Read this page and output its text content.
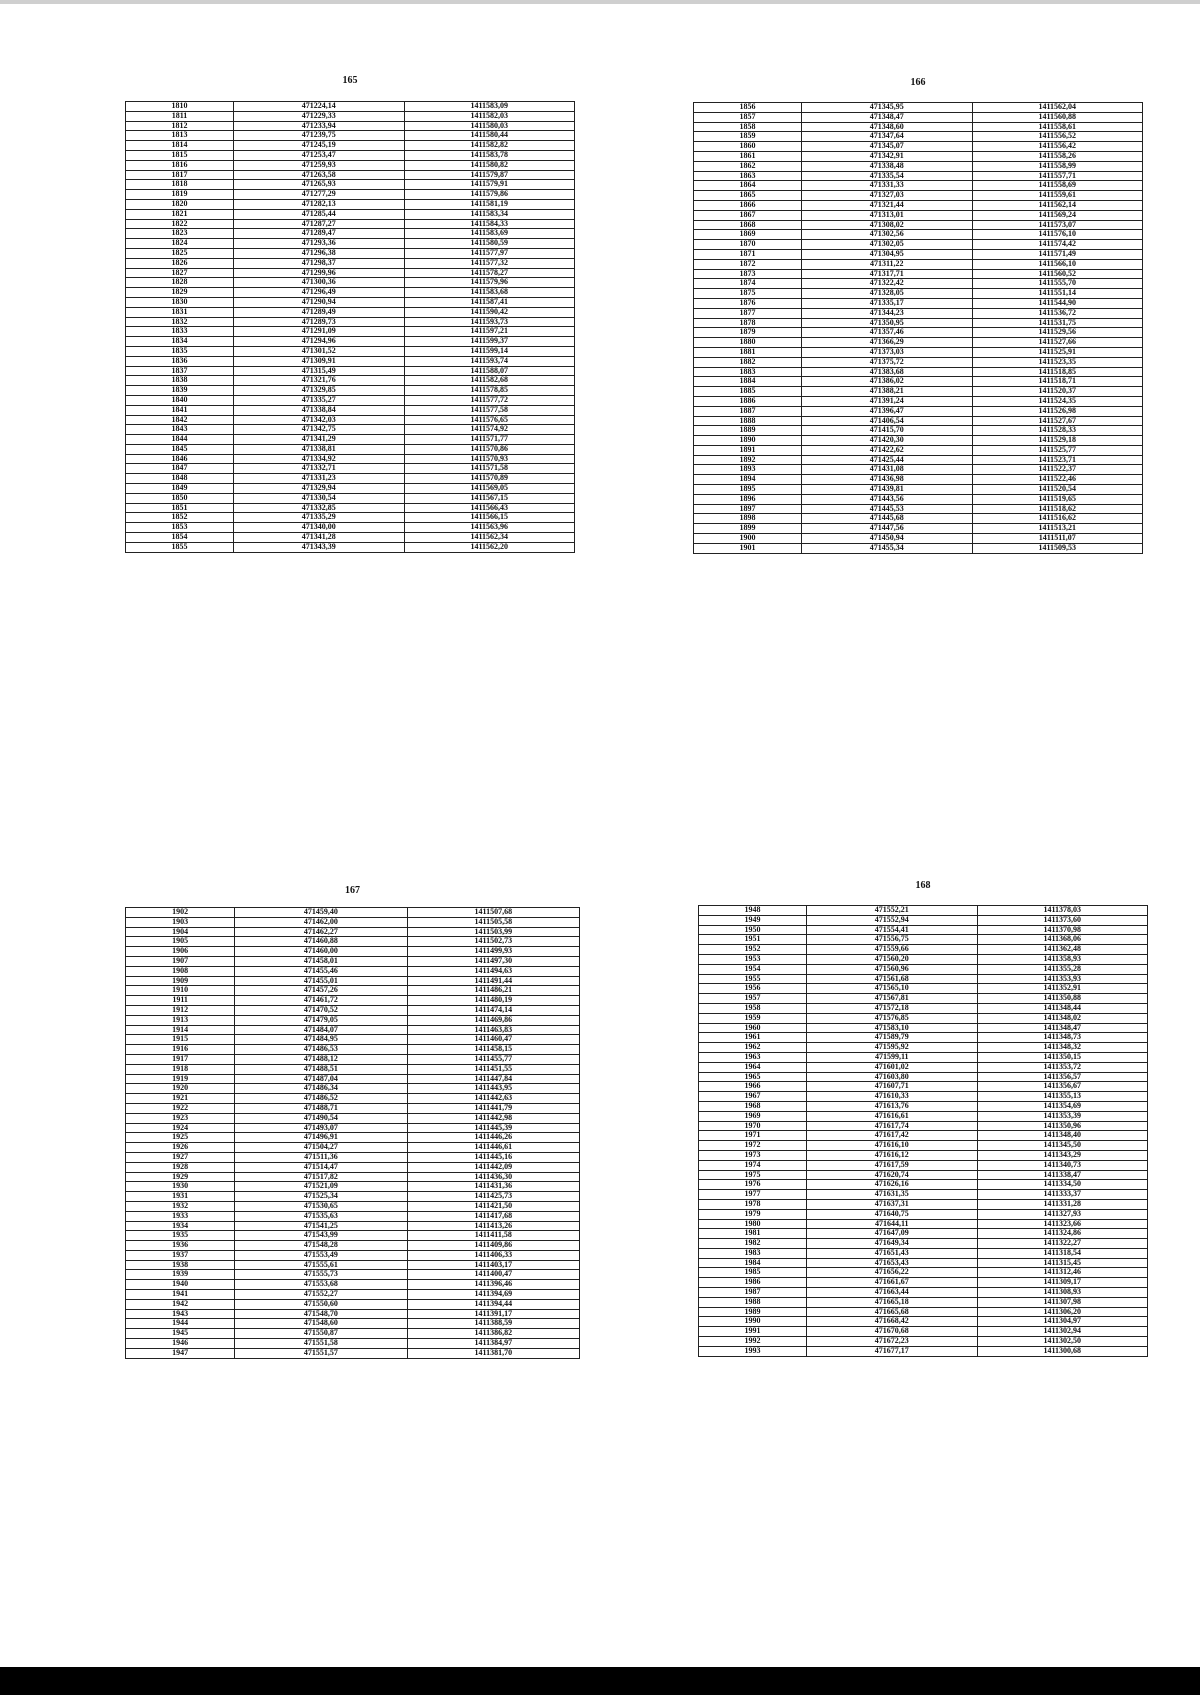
165
1810	471224,14	1411583,09
1811	471229,33	1411582,03
1812	471233,94	1411580,03
1813	471239,75	1411580,44
1814	471245,19	1411582,82
1815	471253,47	1411583,78
1816	471259,93	1411580,82
1817	471263,58	1411579,87
1818	471265,93	1411579,91
1819	471277,29	1411579,86
1820	471282,13	1411581,19
1821	471285,44	1411583,34
1822	471287,27	1411584,33
1823	471289,47	1411583,69
1824	471293,36	1411580,59
1825	471296,38	1411577,97
1826	471298,37	1411577,32
1827	471299,96	1411578,27
1828	471300,36	1411579,96
1829	471296,49	1411583,68
1830	471290,94	1411587,41
1831	471289,49	1411590,42
1832	471289,73	1411593,73
1833	471291,09	1411597,21
1834	471294,96	1411599,37
1835	471301,52	1411599,14
1836	471309,91	1411593,74
1837	471315,49	1411588,07
1838	471321,76	1411582,68
1839	471329,85	1411578,85
1840	471335,27	1411577,72
1841	471338,84	1411577,58
1842	471342,03	1411576,65
1843	471342,75	1411574,92
1844	471341,29	1411571,77
1845	471338,81	1411570,86
1846	471334,92	1411570,93
1847	471332,71	1411571,58
1848	471331,23	1411570,89
1849	471329,94	1411569,05
1850	471330,54	1411567,15
1851	471332,85	1411566,43
1852	471335,29	1411566,15
1853	471340,00	1411563,96
1854	471341,28	1411562,34
1855	471343,39	1411562,20
166
1856	471345,95	1411562,04
1857	471348,47	1411560,88
1858	471348,60	1411558,61
1859	471347,64	1411556,52
1860	471345,07	1411556,42
1861	471342,91	1411558,26
1862	471338,48	1411558,99
1863	471335,54	1411557,71
1864	471331,33	1411558,69
1865	471327,03	1411559,61
1866	471321,44	1411562,14
1867	471313,01	1411569,24
1868	471308,02	1411573,07
1869	471302,56	1411576,10
1870	471302,05	1411574,42
1871	471304,95	1411571,49
1872	471311,22	1411566,10
1873	471317,71	1411560,52
1874	471322,42	1411555,70
1875	471328,05	1411551,14
1876	471335,17	1411544,90
1877	471344,23	1411536,72
1878	471350,95	1411531,75
1879	471357,46	1411529,56
1880	471366,29	1411527,66
1881	471373,03	1411525,91
1882	471375,72	1411523,35
1883	471383,68	1411518,85
1884	471386,02	1411518,71
1885	471388,21	1411520,37
1886	471391,24	1411524,35
1887	471396,47	1411526,98
1888	471406,54	1411527,67
1889	471415,70	1411528,33
1890	471420,30	1411529,18
1891	471422,62	1411525,77
1892	471425,44	1411523,71
1893	471431,08	1411522,37
1894	471436,98	1411522,46
1895	471439,81	1411520,54
1896	471443,56	1411519,65
1897	471445,53	1411518,62
1898	471445,68	1411516,62
1899	471447,56	1411513,21
1900	471450,94	1411511,07
1901	471455,34	1411509,53
167
1902	471459,40	1411507,68
1903	471462,00	1411505,58
1904	471462,27	1411503,99
1905	471460,88	1411502,73
1906	471460,00	1411499,93
1907	471458,01	1411497,30
1908	471455,46	1411494,63
1909	471455,01	1411491,44
1910	471457,26	1411486,21
1911	471461,72	1411480,19
1912	471470,52	1411474,14
1913	471479,05	1411469,86
1914	471484,07	1411463,83
1915	471484,95	1411460,47
1916	471486,53	1411458,15
1917	471488,12	1411455,77
1918	471488,51	1411451,55
1919	471487,04	1411447,84
1920	471486,34	1411443,95
1921	471486,52	1411442,63
1922	471488,71	1411441,79
1923	471490,54	1411442,98
1924	471493,07	1411445,39
1925	471496,91	1411446,26
1926	471504,27	1411446,61
1927	471511,36	1411445,16
1928	471514,47	1411442,09
1929	471517,82	1411436,30
1930	471521,09	1411431,36
1931	471525,34	1411425,73
1932	471530,65	1411421,50
1933	471535,63	1411417,68
1934	471541,25	1411413,26
1935	471543,99	1411411,58
1936	471548,28	1411409,86
1937	471553,49	1411406,33
1938	471555,61	1411403,17
1939	471555,73	1411400,47
1940	471553,68	1411396,46
1941	471552,27	1411394,69
1942	471550,60	1411394,44
1943	471548,70	1411391,17
1944	471548,60	1411388,59
1945	471550,87	1411386,82
1946	471551,58	1411384,97
1947	471551,57	1411381,70
168
1948	471552,21	1411378,03
1949	471552,94	1411373,60
1950	471554,41	1411370,98
1951	471556,75	1411368,06
1952	471559,66	1411362,48
1953	471560,20	1411358,93
1954	471560,96	1411355,28
1955	471561,68	1411353,93
1956	471565,10	1411352,91
1957	471567,81	1411350,88
1958	471572,18	1411348,44
1959	471576,85	1411348,02
1960	471583,10	1411348,47
1961	471589,79	1411348,73
1962	471595,92	1411348,32
1963	471599,11	1411350,15
1964	471601,02	1411353,72
1965	471603,80	1411356,57
1966	471607,71	1411356,67
1967	471610,33	1411355,13
1968	471613,76	1411354,69
1969	471616,61	1411353,39
1970	471617,74	1411350,96
1971	471617,42	1411348,40
1972	471616,10	1411345,50
1973	471616,12	1411343,29
1974	471617,59	1411340,73
1975	471620,74	1411338,47
1976	471626,16	1411334,50
1977	471631,35	1411333,37
1978	471637,31	1411331,28
1979	471640,75	1411327,93
1980	471644,11	1411323,66
1981	471647,09	1411324,86
1982	471649,34	1411322,27
1983	471651,43	1411318,54
1984	471653,43	1411315,45
1985	471656,22	1411312,46
1986	471661,67	1411309,17
1987	471663,44	1411308,93
1988	471665,18	1411307,98
1989	471665,68	1411306,20
1990	471668,42	1411304,97
1991	471670,68	1411302,94
1992	471672,23	1411302,50
1993	471677,17	1411300,68
